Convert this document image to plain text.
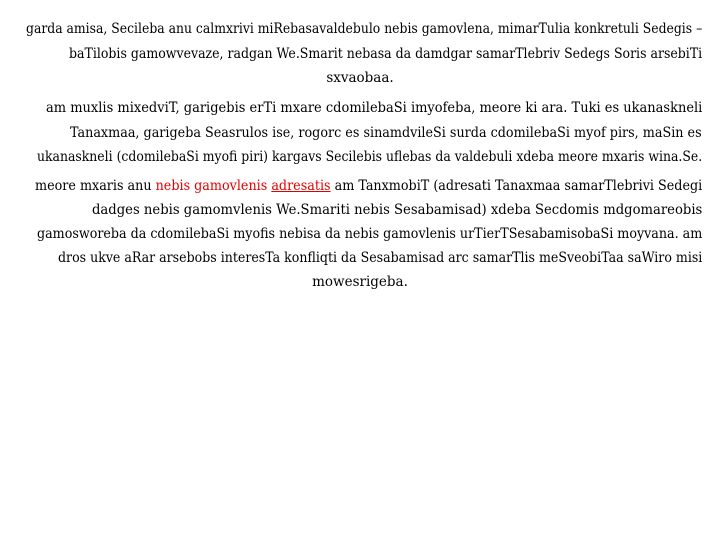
garda amisa, Secileba anu calmxrivi miRebasavaldebulo nebis gamovlena, mimarTulia konkretuli Sedegis –
baTilobis gamowvevaze, radgan We.Smarit nebasa da damdgar samarTlebriv Sedegs Soris arsebiTi
sxvaobaa.
am muxlis mixedviT, garigebis erTi mxare cdomilebaSi imyofeba, meore ki ara. Tuki es ukanasknelі
Tanaxmaa, garigeba Seasrulos ise, rogorc es sinamdvileSi surda cdomilebaSi myof pirs, maSin es
ukanaskneli (cdomilebaSi myofi piri) kargavs Secilebis uflebas da valdebuli xdeba meore mxaris wina.Se.
meore mxaris anu nebis gamovlenis adresatis am TanxmobiT (adresati Tanaxmaa samarTlebrivi Sedegi
dadges nebis gamomvlenis We.Smariti nebis Sesabamisad) xdeba Secdomis mdgomareobis
gamosworeba da cdomilebaSi myofis nebisa da nebis gamovlenis urTierTSesabamisobaSi moyvana. am
dros ukve aRar arsebobs interesTa konfliqti da Sesabamisad arc samarTlis meSveobiTaa saWiro misi
mowesrigeba.
